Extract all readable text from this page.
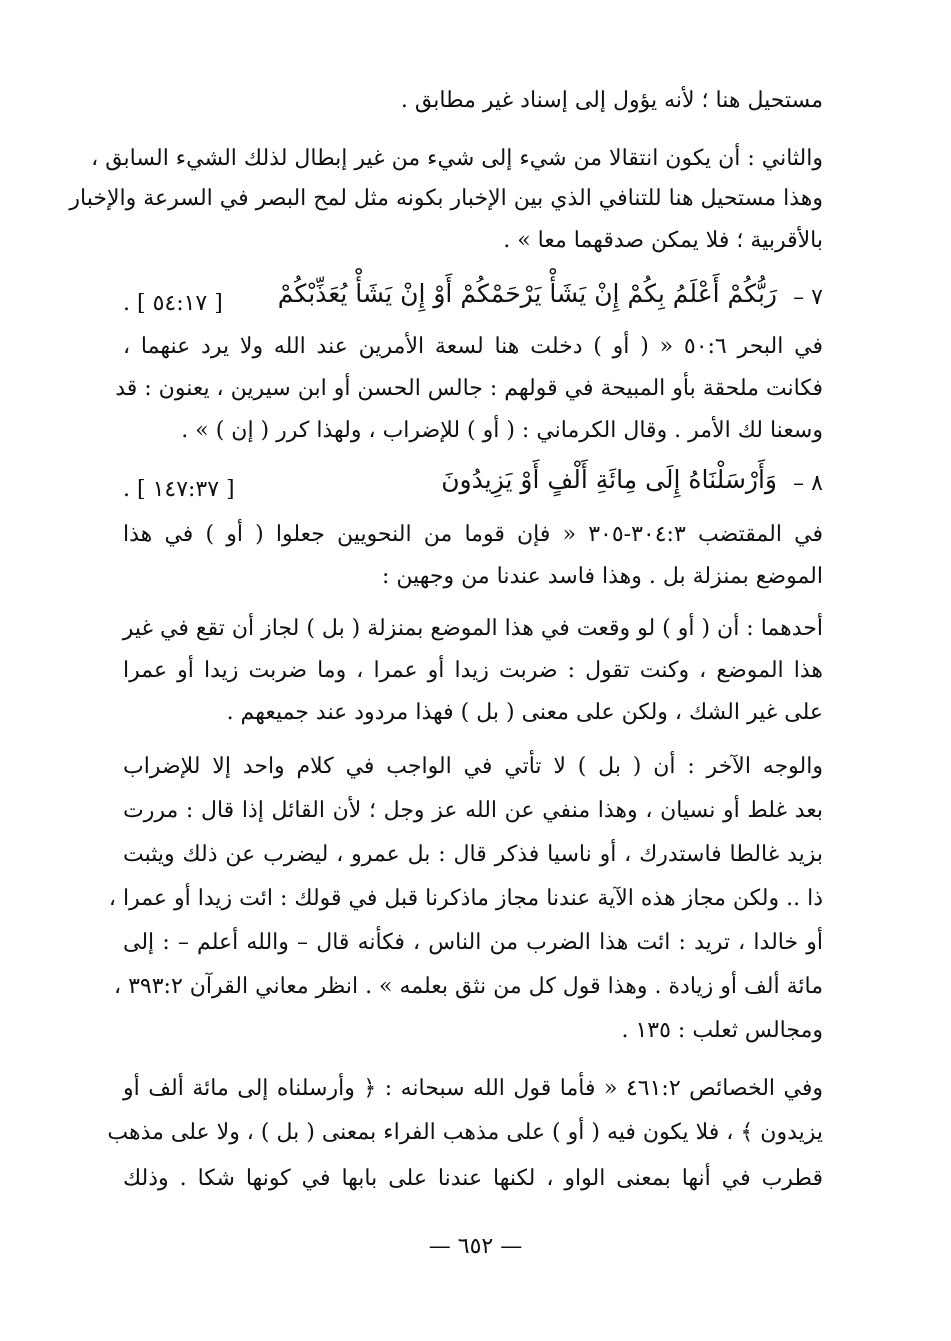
مستحيل هنا ؛ لأنه يؤول إلى إسناد غير مطابق .
والثاني : أن يكون انتقالا من شيء إلى شيء من غير إبطال لذلك الشيء السابق ،
وهذا مستحيل هنا للتنافي الذي بين الإخبار بكونه مثل لمح البصر في السرعة والإخبار
بالأقربية ؛ فلا يمكن صدقهما معا » .
٧ –
رَبُّكُمْ أَعْلَمُ بِكُمْ إِنْ يَشَأْ يَرْحَمْكُمْ أَوْ إِنْ يَشَأْ يُعَذِّبْكُمْ
[ ٥٤:١٧ ] .
في البحر ٥٠:٦ « ( أو ) دخلت هنا لسعة الأمرين عند الله ولا يرد عنهما ،
فكانت ملحقة بأو المبيحة في قولهم : جالس الحسن أو ابن سيرين ، يعنون : قد
وسعنا لك الأمر . وقال الكرماني : ( أو ) للإضراب ، ولهذا كرر ( إن ) » .
٨ –
وَأَرْسَلْنَاهُ إِلَى مِائَةِ أَلْفٍ أَوْ يَزِيدُونَ
[ ١٤٧:٣٧ ] .
في المقتضب ٣٠٤:٣-٣٠٥ « فإن قوما من النحويين جعلوا ( أو ) في هذا
الموضع بمنزلة بل . وهذا فاسد عندنا من وجهين :
أحدهما : أن ( أو ) لو وقعت في هذا الموضع بمنزلة ( بل ) لجاز أن تقع في غير
هذا الموضع ، وكنت تقول : ضربت زيدا أو عمرا ، وما ضربت زيدا أو عمرا
على غير الشك ، ولكن على معنى ( بل ) فهذا مردود عند جميعهم .
والوجه الآخر : أن ( بل ) لا تأتي في الواجب في كلام واحد إلا للإضراب
بعد غلط أو نسيان ، وهذا منفي عن الله عز وجل ؛ لأن القائل إذا قال : مررت
بزيد غالطا فاستدرك ، أو ناسيا فذكر قال : بل عمرو ، ليضرب عن ذلك ويثبت
ذا .. ولكن مجاز هذه الآية عندنا مجاز ماذكرنا قبل في قولك : ائت زيدا أو عمرا ،
أو خالدا ، تريد : ائت هذا الضرب من الناس ، فكأنه قال – والله أعلم – : إلى
مائة ألف أو زيادة . وهذا قول كل من نثق بعلمه » . انظر معاني القرآن ٣٩٣:٢ ،
ومجالس ثعلب : ١٣٥ .
وفي الخصائص ٤٦١:٢ « فأما قول الله سبحانه : ﴿ وأرسلناه إلى مائة ألف أو
يزيدون ﴾ ، فلا يكون فيه ( أو ) على مذهب الفراء بمعنى ( بل ) ، ولا على مذهب
قطرب في أنها بمعنى الواو ، لكنها عندنا على بابها في كونها شكا . وذلك
— ٦٥٢ —
